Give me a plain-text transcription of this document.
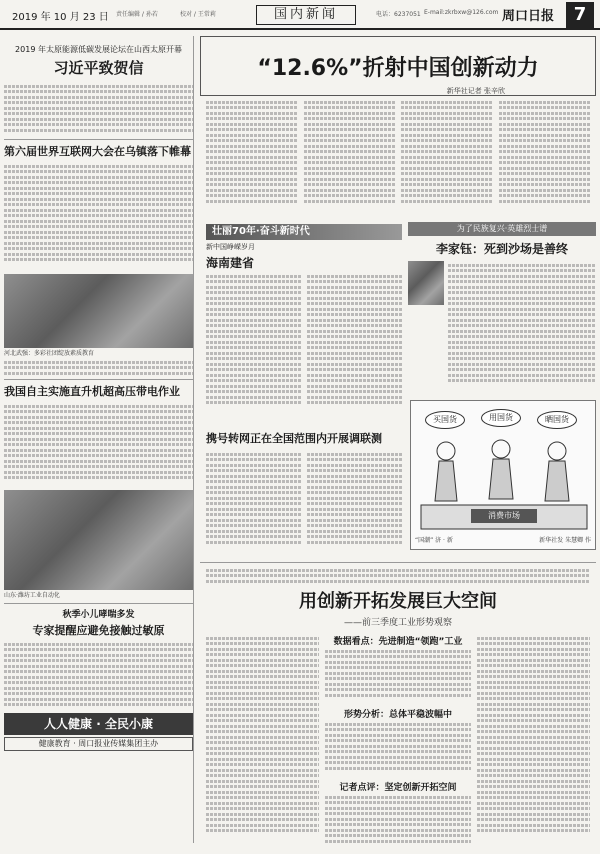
2019 年 10 月 23 日 责任编辑 / 孙若	校对 / 王常莉	国内新闻	电话：6237051 E-mail:zkrbxw@126.com 周口日报	7
2019 年太原能源低碳发展论坛在山西太原开幕
习近平致贺信
第六届世界互联网大会在乌镇落下帷幕
河北武强：多彩社团绽放素质教育
我国自主实施直升机超高压带电作业
山东·潍坊工业自动化
秋季小儿哮喘多发
专家提醒应避免接触过敏原
人人健康 · 全民小康
健康教育 · 周口报业传媒集团主办
“12.6%”折射中国创新动力
新华社记者 张辛欣
壮丽70年·奋斗新时代
新中国峥嵘岁月
海南建省
为了民族复兴·英雄烈士谱
李家钰：死到沙场是善终
携号转网正在全国范围内开展调联测
买国货	用国货	晒国货
消费市场
“国潮” 济 · 新	新华社发 朱慧卿 作
用创新开拓发展巨大空间
——前三季度工业形势观察
数据看点：先进制造“领跑”工业
形势分析：总体平稳波幅中
记者点评：坚定创新开拓空间
